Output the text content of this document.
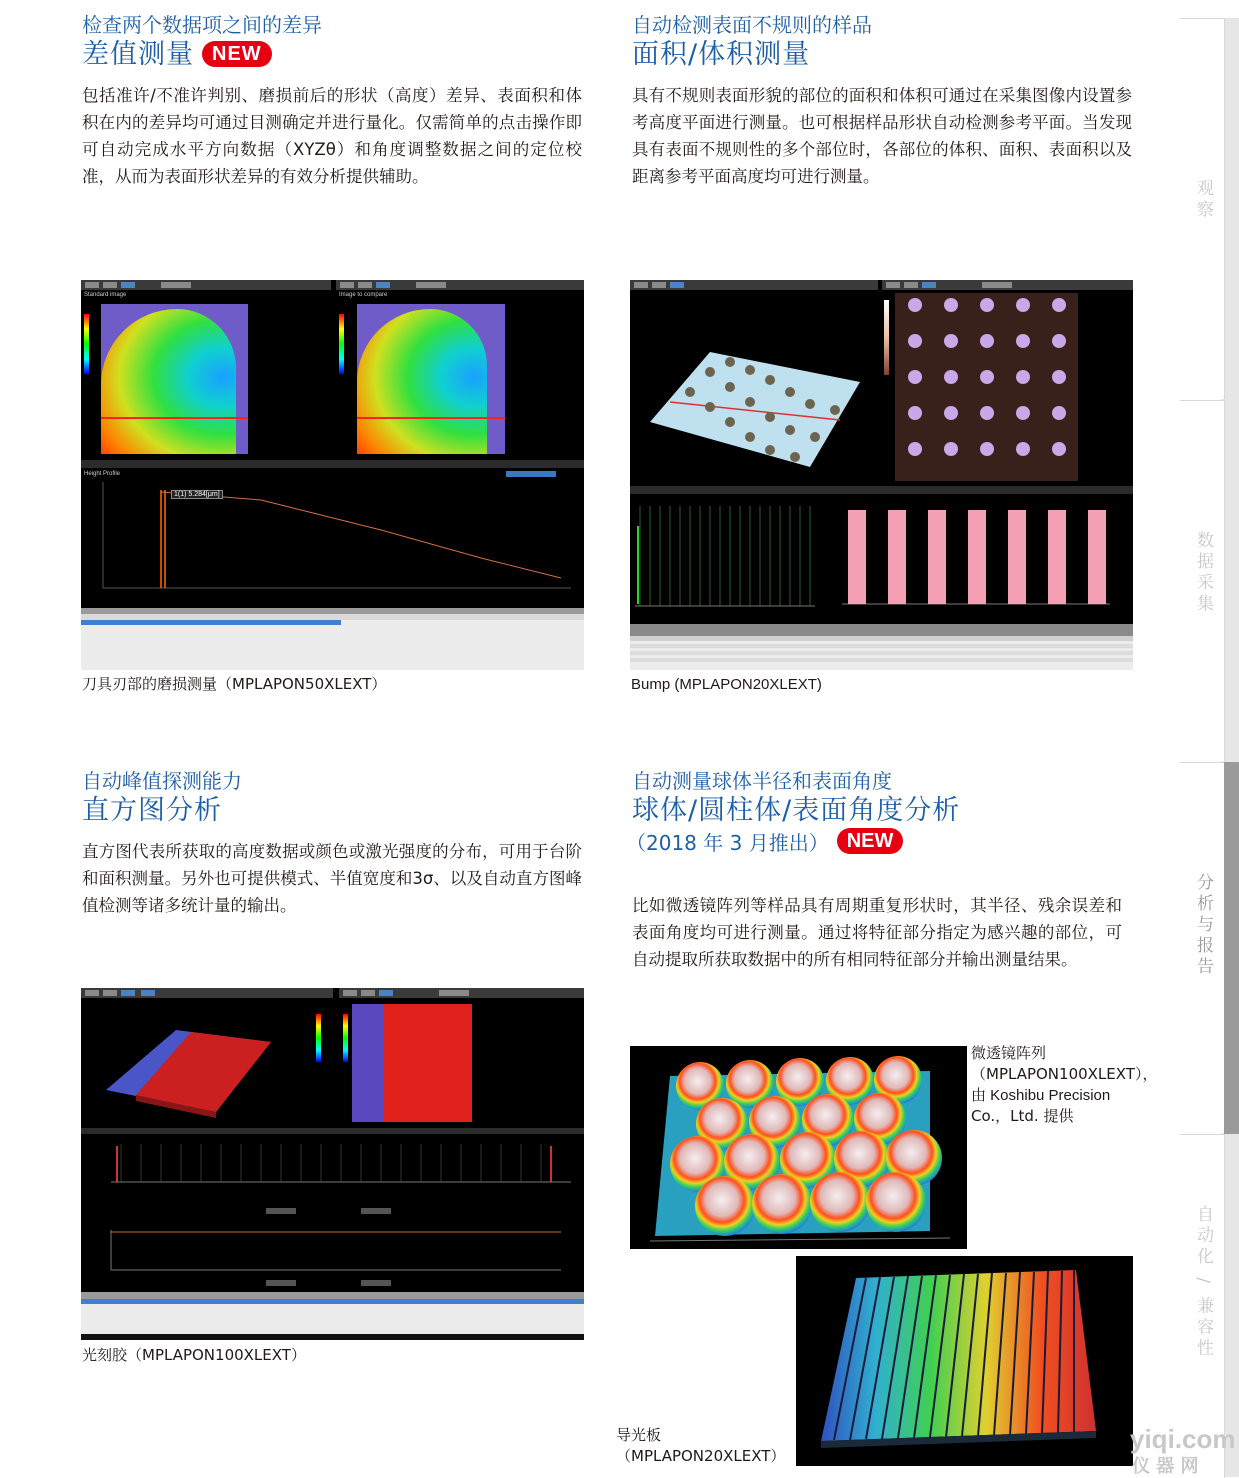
检查两个数据项之间的差异
差值测量 NEW
包括准许/不准许判别、磨损前后的形状（高度）差异、表面积和体积在内的差异均可通过目测确定并进行量化。仅需简单的点击操作即可自动完成水平方向数据（XYZθ）和角度调整数据之间的定位校准，从而为表面形状差异的有效分析提供辅助。
Standard image	Image to compare
Height Profile
1(1) 5.284[μm]
刀具刃部的磨损测量（MPLAPON50XLEXT）
自动检测表面不规则的样品
面积/体积测量
具有不规则表面形貌的部位的面积和体积可通过在采集图像内设置参考高度平面进行测量。也可根据样品形状自动检测参考平面。当发现具有表面不规则性的多个部位时，各部位的体积、面积、表面积以及距离参考平面高度均可进行测量。
Bump (MPLAPON20XLEXT)
自动峰值探测能力
直方图分析
直方图代表所获取的高度数据或颜色或激光强度的分布，可用于台阶和面积测量。另外也可提供模式、半值宽度和3σ、以及自动直方图峰值检测等诸多统计量的输出。
光刻胶（MPLAPON100XLEXT）
自动测量球体半径和表面角度
球体/圆柱体/表面角度分析
（2018 年 3 月推出） NEW
比如微透镜阵列等样品具有周期重复形状时，其半径、残余误差和表面角度均可进行测量。通过将特征部分指定为感兴趣的部位，可自动提取所获取数据中的所有相同特征部分并输出测量结果。
微透镜阵列
（MPLAPON100XLEXT），
由 Koshibu Precision
Co.，Ltd. 提供
导光板
（MPLAPON20XLEXT）
观察
数据采集
分析与报告
自动化 / 兼容性
yiqi.com
仪 器 网
